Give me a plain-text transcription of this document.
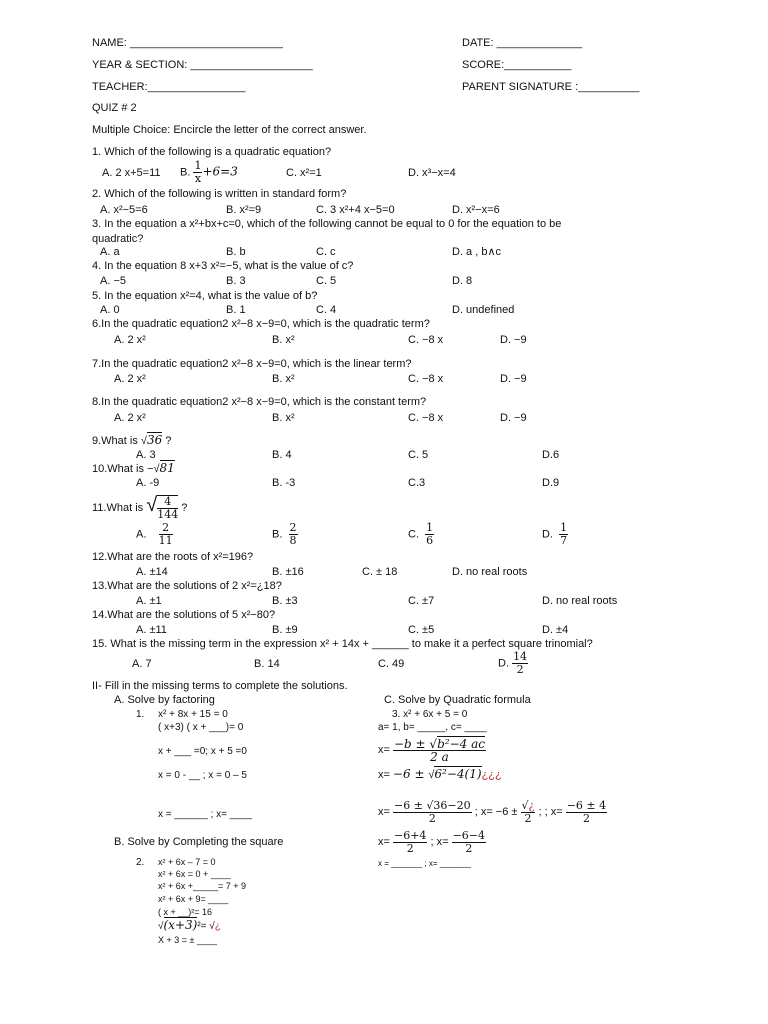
NAME: _________________________	DATE: ______________
YEAR & SECTION: ____________________	SCORE:___________
TEACHER:________________	PARENT SIGNATURE :__________
QUIZ # 2
Multiple Choice: Encircle the letter of the correct answer.
1. Which of the following is a quadratic equation?
A. 2 x+5=11 B. $\frac{1}{x} +6=3$	C. x²=1	D. x³−x=4
2. Which of the following is written in standard form?
A. x²−5=6	B. x²=9	C. 3 x²+4 x−5=0	D. x²−x=6
3. In the equation a x²+bx+c=0, which of the following cannot be equal to 0 for the equation to be
quadratic?
A. a	B. b	C. c	D. a , b∧c
4. In the equation 8 x+3 x²=−5, what is the value of c?
A. −5	B. 3	C. 5	D. 8
5. In the equation x²=4, what is the value of b?
A. 0	B. 1	C. 4	D. undefined
6.In the quadratic equation2 x²−8 x−9=0, which is the quadratic term?
A. 2 x²	B. x²	C. −8 x	D. −9
7.In the quadratic equation2 x²−8 x−9=0, which is the linear term?
A. 2 x²	B. x²	C. −8 x	D. −9
8.In the quadratic equation2 x²−8 x−9=0, which is the constant term?
A. 2 x²	B. x²	C. −8 x	D. −9
9.What is √36 ?
A. 3	B. 4	C. 5	D.6
10.What is −√81
A. -9	B. -3	C.3	D.9
11.What is √ $\frac{4}{144}$ ?
A. $\frac{2}{11}$	B. $\frac{2}{8}$	C. $\frac{1}{6}$	D. $\frac{1}{7}$
12.What are the roots of x²=196?
A. ±14	B. ±16	C. ± 18	D. no real roots
13.What are the solutions of 2 x²=¿18?
A. ±1	B. ±3	C. ±7	D. no real roots
14.What are the solutions of 5 x²−80?
A. ±11	B. ±9	C. ±5	D. ±4
15. What is the missing term in the expression x² + 14x + ______ to make it a perfect square trinomial?
A. 7	B. 14	C. 49	D. $\frac{14}{2}$
II- Fill in the missing terms to complete the solutions.
A. Solve by factoring	C. Solve by Quadratic formula
1. x² + 8x + 15 = 0
( x+3) ( x + ___)= 0
x + ___ =0; x + 5 =0
x = 0 - __ ; x = 0 – 5
x = ______ ; x= ____
3. x² + 6x + 5 = 0
a= 1, b= _____, c= ____
$x= \frac{\text{−b ± √b²−4 ac}}{2 a}$
x= −6 ± √6²−4(1)¿¿¿
$x= \frac{-6 \pm √36-20}{2}$ ; $x= -6 \pm \frac{√¿}{2}$ ; ; $x= \frac{-6 \pm 4}{2}$
$x= \frac{-6+4}{2}$ ; $x= \frac{-6-4}{2}$
x = _______ ; x= _______
B. Solve by Completing the square
2. x² + 6x – 7 = 0
x² + 6x = 0 + ____
x² + 6x +_____= 7 + 9
x² + 6x + 9= ____
( x + __)²= 16
√(x+3)²= √¿
X + 3 = ± ____
